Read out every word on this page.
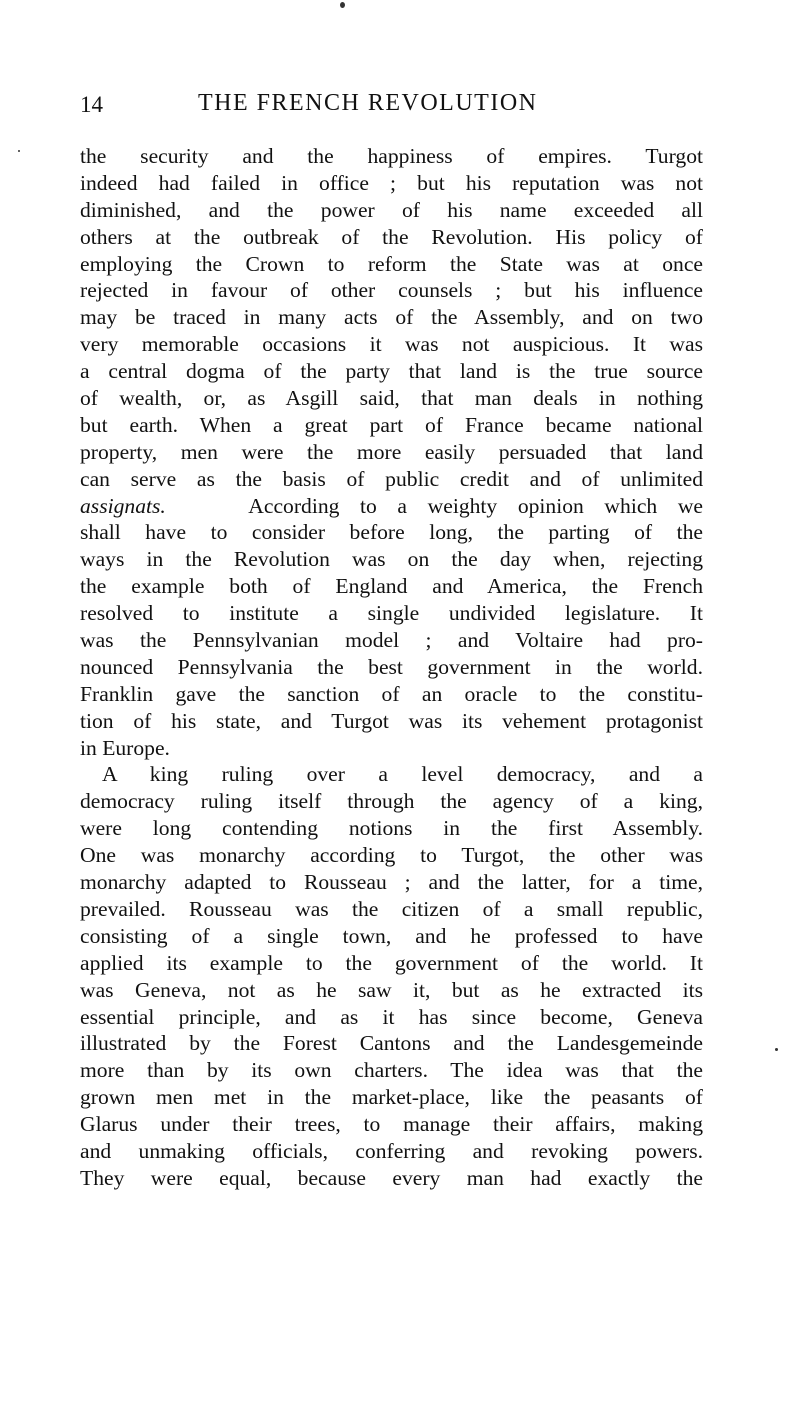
14	THE FRENCH REVOLUTION
the security and the happiness of empires. Turgot
indeed had failed in office ; but his reputation was not
diminished, and the power of his name exceeded all
others at the outbreak of the Revolution. His policy of
employing the Crown to reform the State was at once
rejected in favour of other counsels ; but his influence
may be traced in many acts of the Assembly, and on two
very memorable occasions it was not auspicious. It was
a central dogma of the party that land is the true source
of wealth, or, as Asgill said, that man deals in nothing
but earth. When a great part of France became national
property, men were the more easily persuaded that land
can serve as the basis of public credit and of unlimited
assignats.	According to a weighty opinion which we
shall have to consider before long, the parting of the
ways in the Revolution was on the day when, rejecting
the example both of England and America, the French
resolved to institute a single undivided legislature. It
was the Pennsylvanian model ; and Voltaire had pro-
nounced Pennsylvania the best government in the world.
Franklin gave the sanction of an oracle to the constitu-
tion of his state, and Turgot was its vehement protagonist
in Europe.
A king ruling over a level democracy, and a
democracy ruling itself through the agency of a king,
were long contending notions in the first Assembly.
One was monarchy according to Turgot, the other was
monarchy adapted to Rousseau ; and the latter, for a time,
prevailed. Rousseau was the citizen of a small republic,
consisting of a single town, and he professed to have
applied its example to the government of the world. It
was Geneva, not as he saw it, but as he extracted its
essential principle, and as it has since become, Geneva
illustrated by the Forest Cantons and the Landesgemeinde
more than by its own charters. The idea was that the
grown men met in the market-place, like the peasants of
Glarus under their trees, to manage their affairs, making
and unmaking officials, conferring and revoking powers.
They were equal, because every man had exactly the
